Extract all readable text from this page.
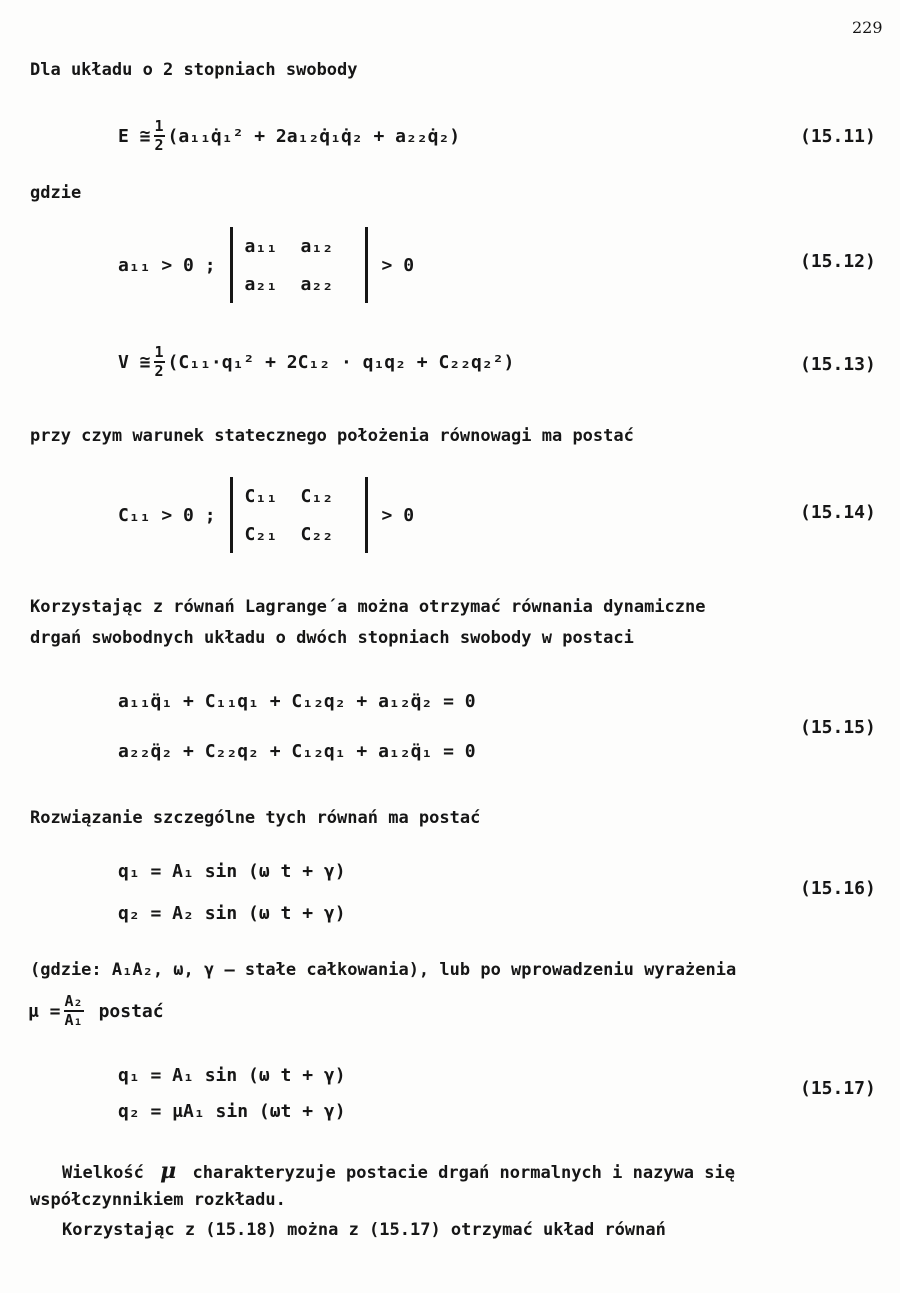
229
Dla układu o 2 stopniach swobody
E ≅ $\frac{1}{2}$ (a₁₁q̇₁² + 2a₁₂q̇₁q̇₂ + a₂₂q̇₂)	(15.11)
gdzie
a₁₁ > 0 ;
a₁₁	a₁₂
a₂₁	a₂₂
> 0	(15.12)
V ≅ $\frac{1}{2} (C_{11}\cdot q_1^2 + 2C_{12} \cdot q_1q_2 + C_{22}q_2^2)$	(15.13)
przy czym warunek statecznego położenia równowagi ma postać
C₁₁ > 0 ;
C₁₁	C₁₂
C₂₁	C₂₂
> 0	(15.14)
Korzystając z równań Lagrange΄a można otrzymać równania dynamiczne
drgań swobodnych układu o dwóch stopniach swobody w postaci
a₁₁q̈₁ + C₁₁q₁ + C₁₂q₂ + a₁₂q̈₂ = 0
a₂₂q̈₂ + C₂₂q₂ + C₁₂q₁ + a₁₂q̈₁ = 0
(15.15)
Rozwiązanie szczególne tych równań ma postać
q₁ = A₁ sin (ω t + γ)
q₂ = A₂ sin (ω t + γ)
(15.16)
(gdzie: A₁A₂, ω, γ – stałe całkowania), lub po wprowadzeniu wyrażenia
$\mu = \frac{\text{A₂}}{\text{A₁}}$ postać
q₁ = A₁ sin (ω t + γ)
q₂ = μA₁ sin (ωt + γ)
(15.17)
Wielkość μ charakteryzuje postacie drgań normalnych i nazywa się
współczynnikiem rozkładu.
Korzystając z (15.18) można z (15.17) otrzymać układ równań
